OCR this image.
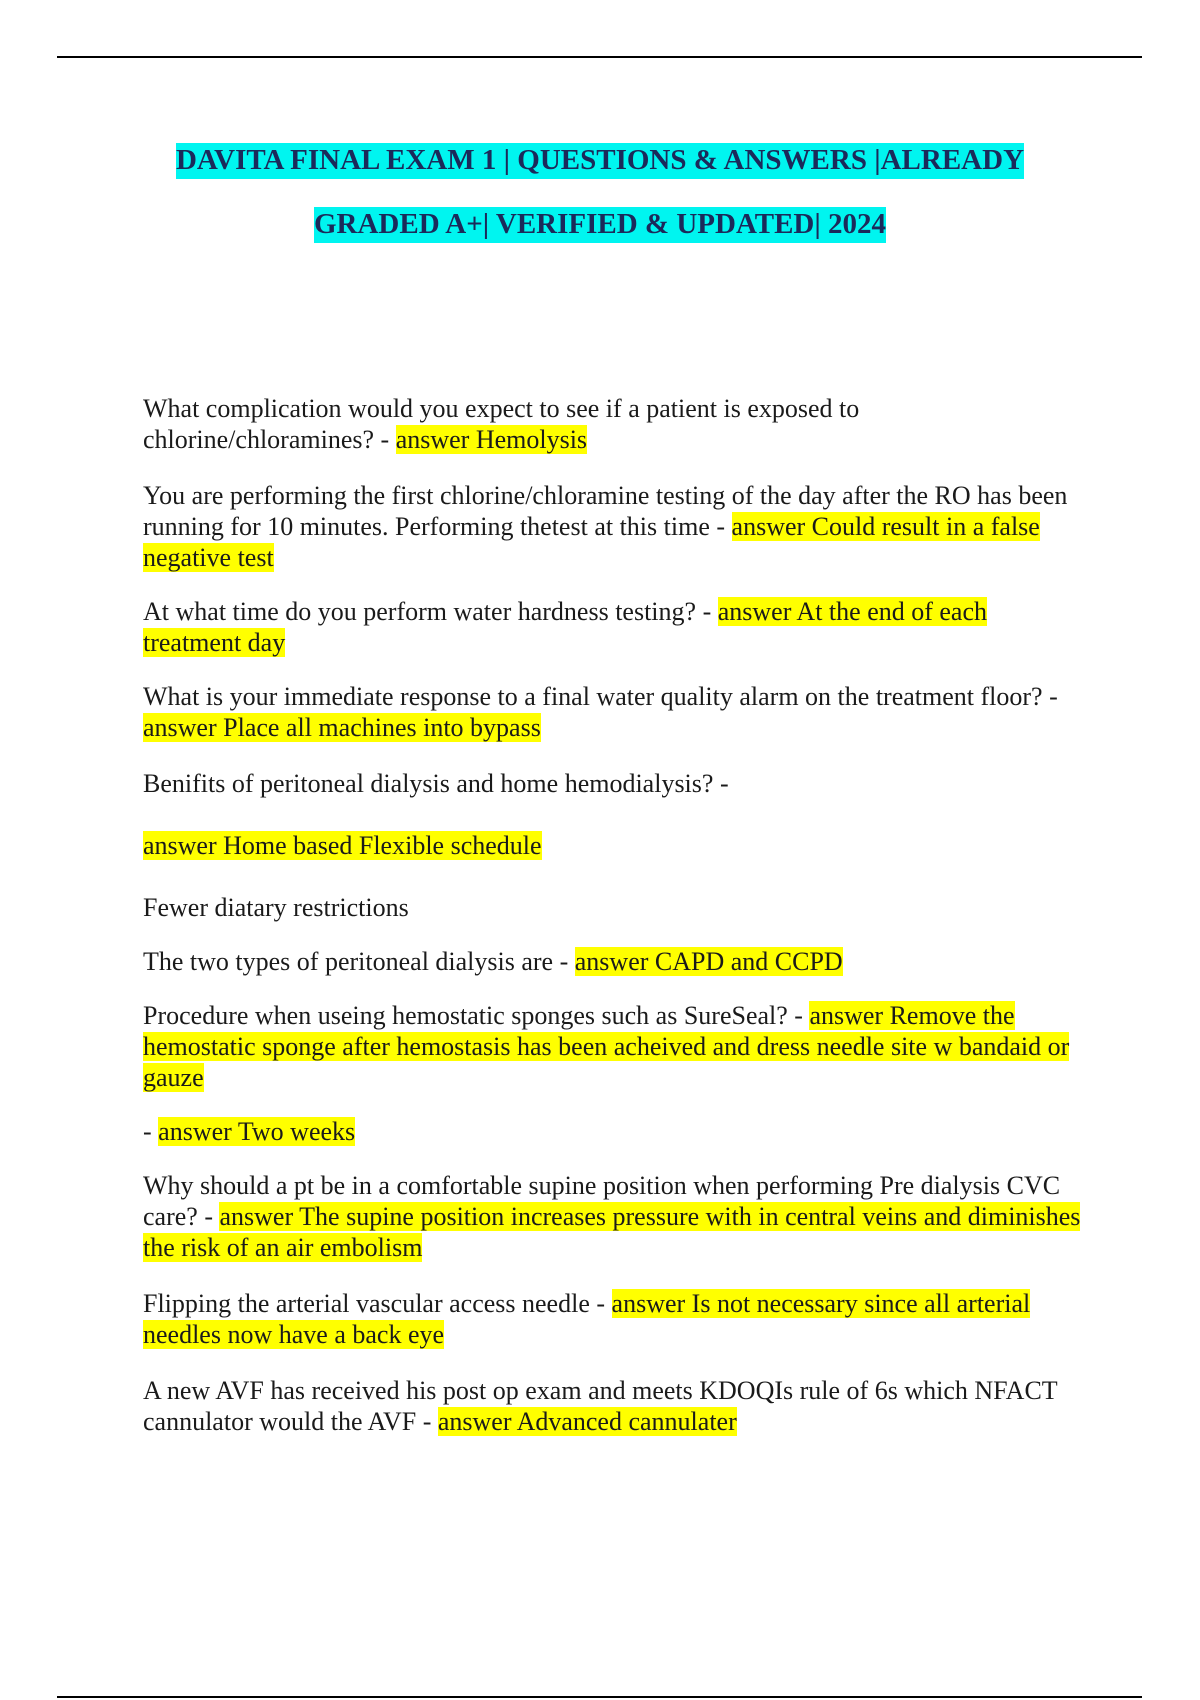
DAVITA FINAL EXAM 1 | QUESTIONS & ANSWERS |ALREADY
GRADED A+| VERIFIED & UPDATED| 2024

What complication would you expect to see if a patient is exposed to chlorine/chloramines? - answer Hemolysis

You are performing the first chlorine/chloramine testing of the day after the RO has been running for 10 minutes. Performing thetest at this time - answer Could result in a false negative test

At what time do you perform water hardness testing? - answer At the end of each treatment day

What is your immediate response to a final water quality alarm on the treatment floor? - answer Place all machines into bypass

Benifits of peritoneal dialysis and home hemodialysis? -

answer Home based Flexible schedule

Fewer diatary restrictions

The two types of peritoneal dialysis are - answer CAPD and CCPD

Procedure when useing hemostatic sponges such as SureSeal? - answer Remove the hemostatic sponge after hemostasis has been acheived and dress needle site w bandaid or gauze

- answer Two weeks

Why should a pt be in a comfortable supine position when performing Pre dialysis CVC care? - answer The supine position increases pressure with in central veins and diminishes the risk of an air embolism

Flipping the arterial vascular access needle - answer Is not necessary since all arterial needles now have a back eye

A new AVF has received his post op exam and meets KDOQIs rule of 6s which NFACT cannulator would the AVF - answer Advanced cannulater
